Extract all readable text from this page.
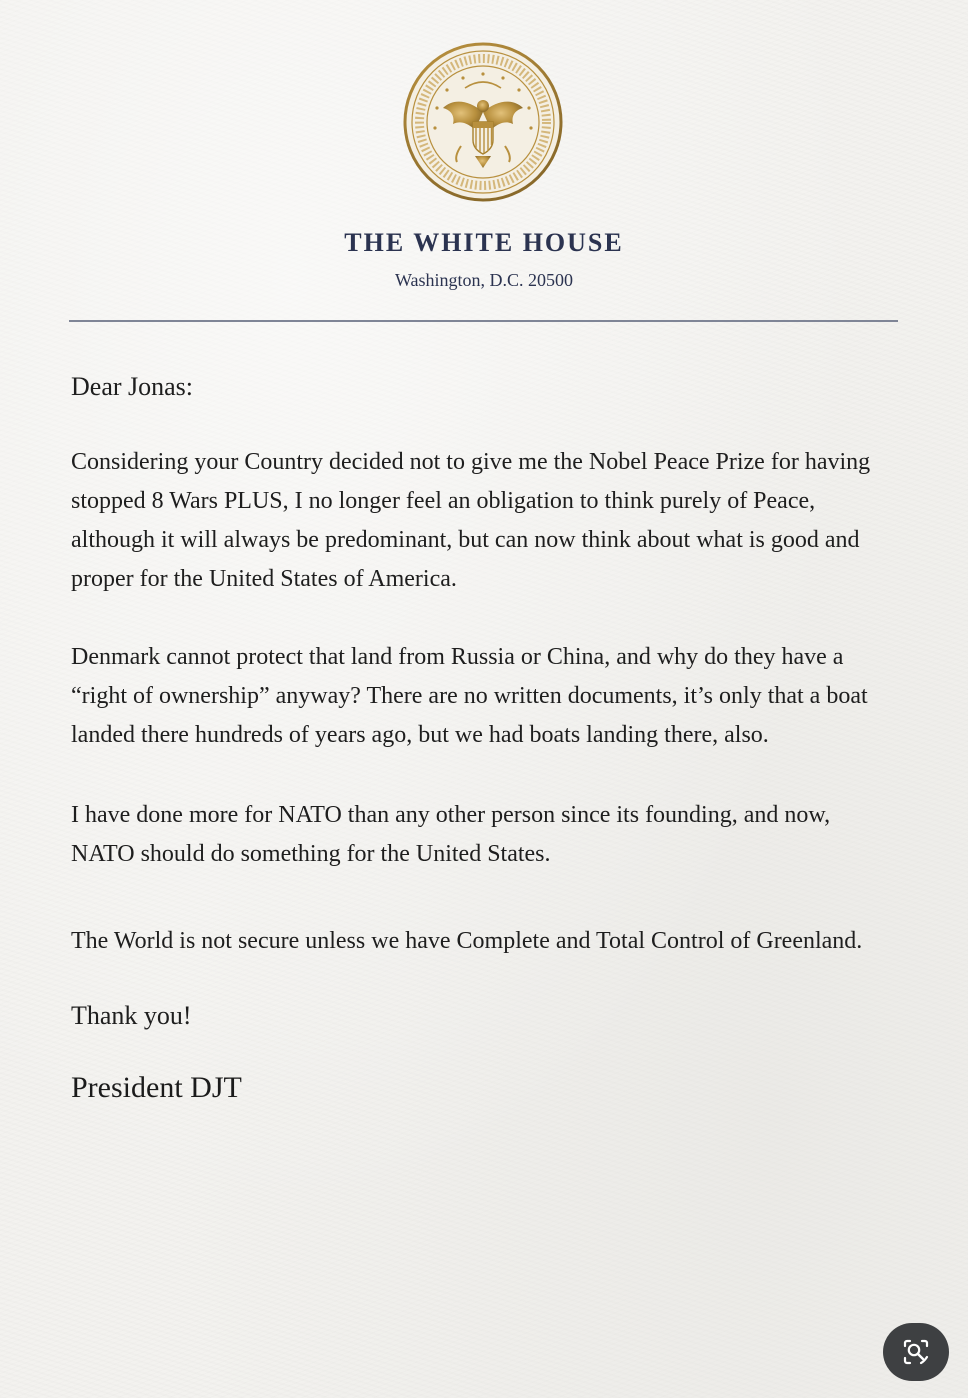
THE WHITE HOUSE
Washington, D.C. 20500
Dear Jonas:
Considering your Country decided not to give me the Nobel Peace Prize for having stopped 8 Wars PLUS, I no longer feel an obligation to think purely of Peace, although it will always be predominant, but can now think about what is good and proper for the United States of America.
Denmark cannot protect that land from Russia or China, and why do they have a “right of ownership” anyway? There are no written documents, it’s only that a boat landed there hundreds of years ago, but we had boats landing there, also.
I have done more for NATO than any other person since its founding, and now, NATO should do something for the United States.
The World is not secure unless we have Complete and Total Control of Greenland.
Thank you!
President DJT
